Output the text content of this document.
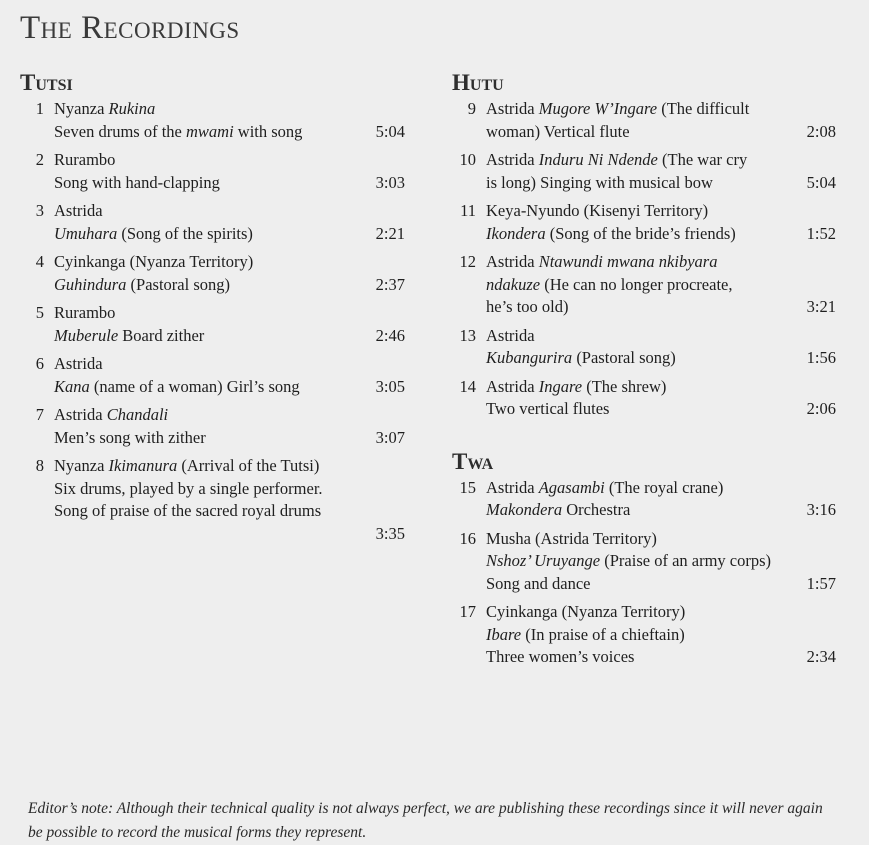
The Recordings
Tutsi
1 Nyanza Rukina
Seven drums of the mwami with song	5:04
2 Rurambo
Song with hand-clapping	3:03
3 Astrida
Umuhara (Song of the spirits)	2:21
4 Cyinkanga (Nyanza Territory)
Guhindura (Pastoral song)	2:37
5 Rurambo
Muberule Board zither	2:46
6 Astrida
Kana (name of a woman) Girl’s song	3:05
7 Astrida Chandali
Men’s song with zither	3:07
8 Nyanza Ikimanura (Arrival of the Tutsi)
Six drums, played by a single performer.
Song of praise of the sacred royal drums

3:35
Hutu
9 Astrida Mugore W’Ingare (The difficult
woman) Vertical flute	2:08
10 Astrida Induru Ni Ndende (The war cry
is long) Singing with musical bow	5:04
11 Keya-Nyundo (Kisenyi Territory)
Ikondera (Song of the bride’s friends)	1:52
12 Astrida Ntawundi mwana nkibyara
ndakuze (He can no longer procreate,
he’s too old)	3:21
13 Astrida
Kubangurira (Pastoral song)	1:56
14 Astrida Ingare (The shrew)
Two vertical flutes	2:06
Twa
15 Astrida Agasambi (The royal crane)
Makondera Orchestra	3:16
16 Musha (Astrida Territory)
Nshoz’ Uruyange (Praise of an army corps)
Song and dance	1:57
17 Cyinkanga (Nyanza Territory)
Ibare (In praise of a chieftain)
Three women’s voices	2:34

Editor’s note: Although their technical quality is not always perfect, we are publishing these recordings since it will never again be possible to record the musical forms they represent.
